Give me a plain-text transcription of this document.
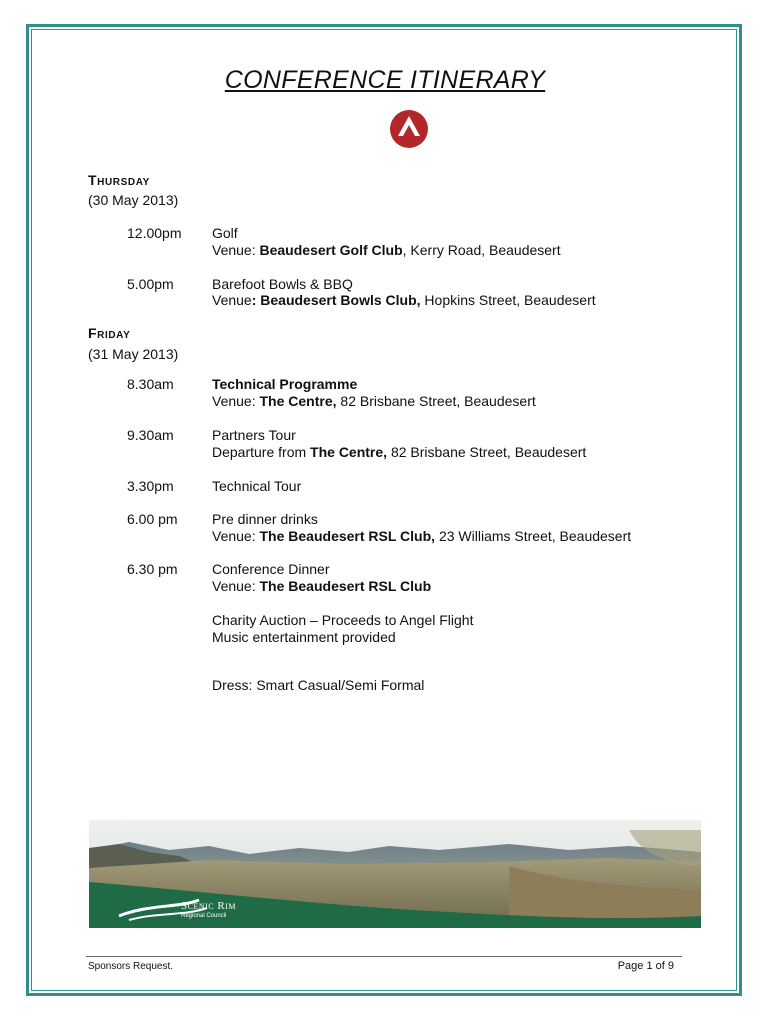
CONFERENCE ITINERARY
Thursday
(30 May 2013)
12.00pm Golf
Venue: Beaudesert Golf Club, Kerry Road, Beaudesert
5.00pm	Barefoot Bowls & BBQ
Venue: Beaudesert Bowls Club, Hopkins Street, Beaudesert
Friday
(31 May 2013)
8.30am	Technical Programme
Venue: The Centre, 82 Brisbane Street, Beaudesert
9.30am	Partners Tour
Departure from The Centre, 82 Brisbane Street, Beaudesert
3.30pm	Technical Tour
6.00 pm Pre dinner drinks
Venue: The Beaudesert RSL Club, 23 Williams Street, Beaudesert
6.30 pm Conference Dinner
Venue: The Beaudesert RSL Club
Charity Auction – Proceeds to Angel Flight
Music entertainment provided
Dress: Smart Casual/Semi Formal
Scenic Rim
Regional Council
Sponsors Request.	Page 1 of 9
